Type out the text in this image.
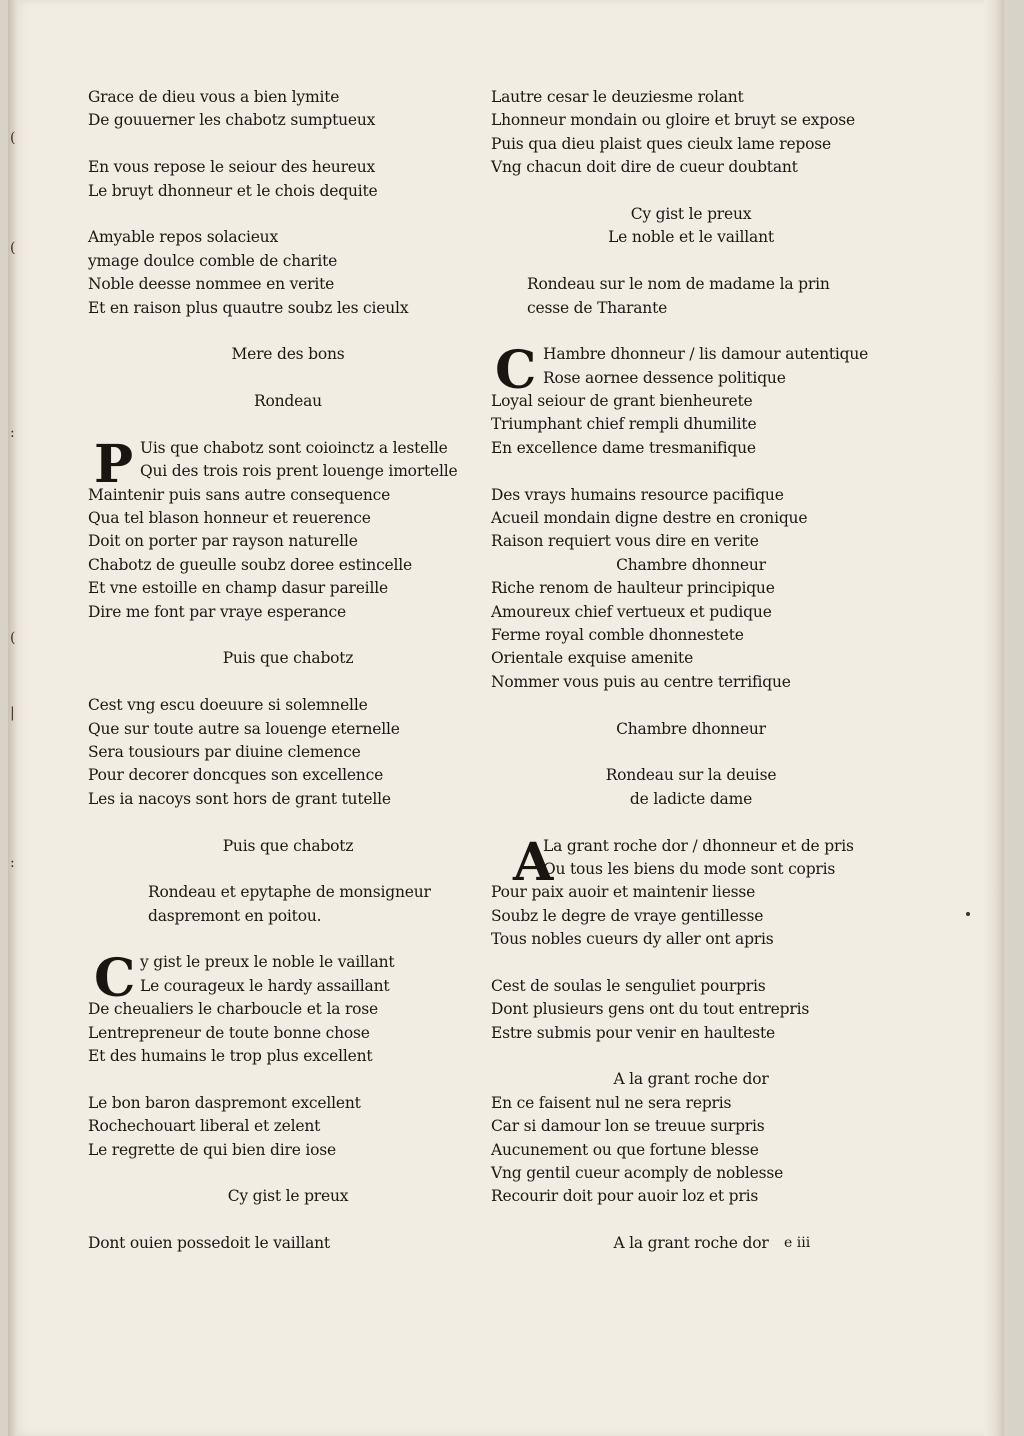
(
(
:
(
|
:

Grace de dieu vous a bien lymite

De gouuerner les chabotz sumptueux

En vous repose le seiour des heureux

Le bruyt dhonneur et le chois dequite

Amyable repos solacieux

ymage doulce comble de charite

Noble deesse nommee en verite

Et en raison plus quautre soubz les cieulx

Mere des bons

Rondeau

P Uis que chabotz sont coioinctz a lestelle

Qui des trois rois prent louenge imortelle

Maintenir puis sans autre consequence

Qua tel blason honneur et reuerence

Doit on porter par rayson naturelle

Chabotz de gueulle soubz doree estincelle

Et vne estoille en champ dasur pareille

Dire me font par vraye esperance

Puis que chabotz

Cest vng escu doeuure si solemnelle

Que sur toute autre sa louenge eternelle

Sera tousiours par diuine clemence

Pour decorer doncques son excellence

Les ia nacoys sont hors de grant tutelle

Puis que chabotz

Rondeau et epytaphe de monsigneur

daspremont en poitou.

C y gist le preux le noble le vaillant

Le courageux le hardy assaillant

De cheualiers le charboucle et la rose

Lentrepreneur de toute bonne chose

Et des humains le trop plus excellent

Le bon baron daspremont excellent

Rochechouart liberal et zelent

Le regrette de qui bien dire iose

Cy gist le preux

Dont ouien possedoit le vaillant

Lautre cesar le deuziesme rolant

Lhonneur mondain ou gloire et bruyt se expose

Puis qua dieu plaist ques cieulx lame repose

Vng chacun doit dire de cueur doubtant

Cy gist le preux

Le noble et le vaillant

Rondeau sur le nom de madame la prin

cesse de Tharante

C Hambre dhonneur / lis damour autentique

Rose aornee dessence politique

Loyal seiour de grant bienheurete

Triumphant chief rempli dhumilite

En excellence dame tresmanifique

Des vrays humains resource pacifique

Acueil mondain digne destre en cronique

Raison requiert vous dire en verite

Chambre dhonneur

Riche renom de haulteur principique

Amoureux chief vertueux et pudique

Ferme royal comble dhonnestete

Orientale exquise amenite

Nommer vous puis au centre terrifique

Chambre dhonneur

Rondeau sur la deuise

de ladicte dame

A

La grant roche dor / dhonneur et de pris

Ou tous les biens du mode sont copris

Pour paix auoir et maintenir liesse

Soubz le degre de vraye gentillesse

Tous nobles cueurs dy aller ont apris

Cest de soulas le senguliet pourpris

Dont plusieurs gens ont du tout entrepris

Estre submis pour venir en haulteste

A la grant roche dor

En ce faisent nul ne sera repris

Car si damour lon se treuue surpris

Aucunement ou que fortune blesse

Vng gentil cueur acomply de noblesse

Recourir doit pour auoir loz et pris

A la grant roche dor	e iii
